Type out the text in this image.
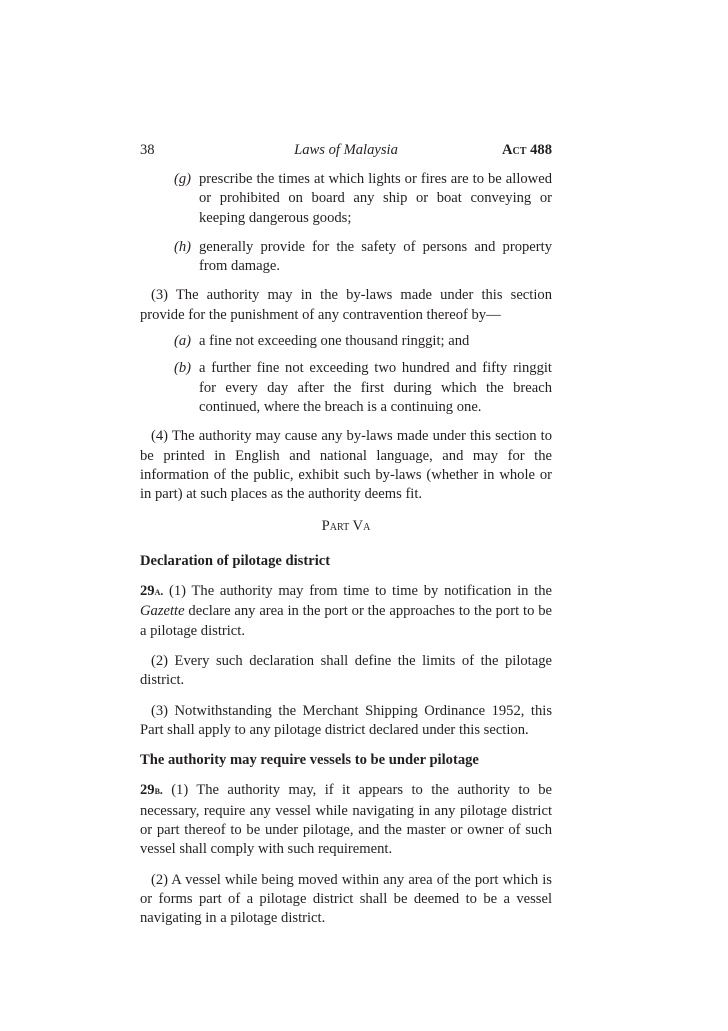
38	Laws of Malaysia	Act 488
(g) prescribe the times at which lights or fires are to be allowed or prohibited on board any ship or boat conveying or keeping dangerous goods;

(h) generally provide for the safety of persons and property from damage.

(3) The authority may in the by-laws made under this section provide for the punishment of any contravention thereof by—

(a) a fine not exceeding one thousand ringgit; and

(b) a further fine not exceeding two hundred and fifty ringgit for every day after the first during which the breach continued, where the breach is a continuing one.

(4) The authority may cause any by-laws made under this section to be printed in English and national language, and may for the information of the public, exhibit such by-laws (whether in whole or in part) at such places as the authority deems fit.

Part Va
Declaration of pilotage district

29a. (1) The authority may from time to time by notification in the Gazette declare any area in the port or the approaches to the port to be a pilotage district.

(2) Every such declaration shall define the limits of the pilotage district.

(3) Notwithstanding the Merchant Shipping Ordinance 1952, this Part shall apply to any pilotage district declared under this section.

The authority may require vessels to be under pilotage

29b. (1) The authority may, if it appears to the authority to be necessary, require any vessel while navigating in any pilotage district or part thereof to be under pilotage, and the master or owner of such vessel shall comply with such requirement.

(2) A vessel while being moved within any area of the port which is or forms part of a pilotage district shall be deemed to be a vessel navigating in a pilotage district.
